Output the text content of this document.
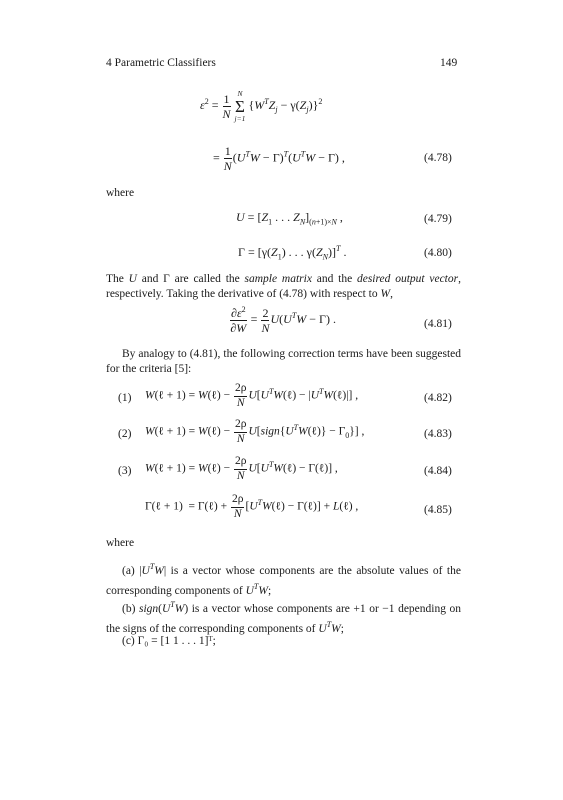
4 Parametric Classifiers	149
$\varepsilon^2 = \frac{1}{N}$
N
Σ
j=1
$\{W^TZ_j - \gamma(Z_j)\}^2$
= $\frac{1}{N} (U^TW - \Gamma)^T(U^TW - \Gamma)$ ,	(4.78)
where
$U = [Z_1$ . . . $Z_N]_{(n+1)\times N}$ ,	(4.79)
$\Gamma = [\gamma(Z_1)$ . . . $\gamma(Z_N)]^T$ .	(4.80)
The U and Γ are called the sample matrix and the desired output vector, respectively. Taking the derivative of (4.78) with respect to W,
$\frac{\partial\varepsilon^2}{\partial W} = \frac{2}{N} U(U^TW - \Gamma)$ .	(4.81)
By analogy to (4.81), the following correction terms have been suggested for the criteria [5]:
(1) W(ℓ + 1) = W(ℓ) − $\frac{2\rho}{N}$ $U[U^TW(\ell)$ − $|U^TW(\ell)|$] ,	(4.82)
(2) W(ℓ + 1) = W(ℓ) − $\frac{2\rho}{N}$ $U[sign\{U^TW(\ell)\} - \Gamma_0\}$] ,	(4.83)
(3) W(ℓ + 1) = W(ℓ) − $\frac{2\rho}{N}$ $U[U^TW(\ell)$ − Γ(ℓ)] ,	(4.84)
Γ(ℓ + 1)  = Γ(ℓ) + $\frac{2\rho}{N}$ [$U^TW(\ell)$ − Γ(ℓ)] + L(ℓ) ,	(4.85)
where
(a) $|U^TW|$ is a vector whose components are the absolute values of the corresponding components of $U^TW$;
(b) $sign(U^TW)$ is a vector whose components are +1 or −1 depending on the signs of the corresponding components of $U^TW$;
(c) Γ₀ = [1 1 . . . 1]ᵀ;
